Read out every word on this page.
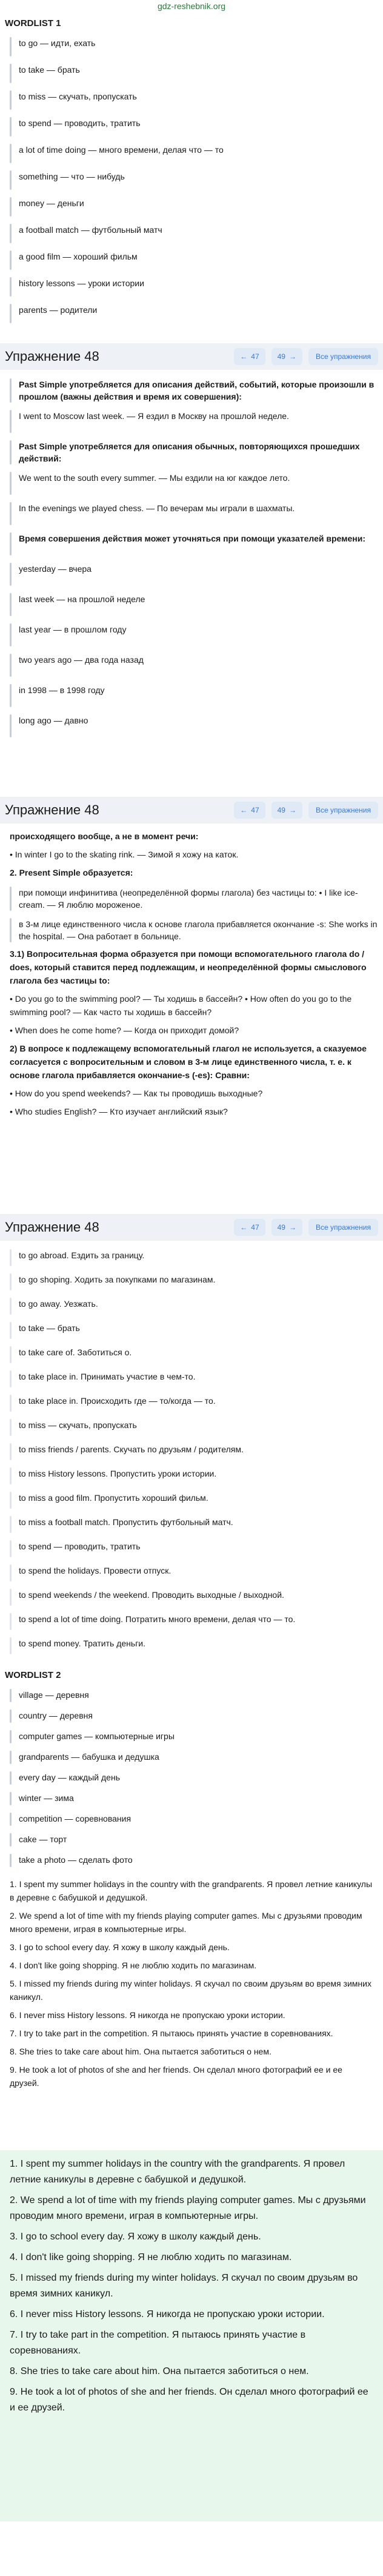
gdz-reshebnik.org
WORDLIST 1
to go — идти, ехать
to take — брать
to miss — скучать, пропускать
to spend — проводить, тратить
a lot of time doing — много времени, делая что — то
something — что — нибудь
money — деньги
a football match — футбольный матч
a good film — хороший фильм
history lessons — уроки истории
parents — родители
Упражнение 48	← 47	49 →	Все упражнения
Past Simple употребляется для описания действий, событий, которые произошли в прошлом (важны действия и время их совершения):
I went to Moscow last week. — Я ездил в Москву на прошлой неделе.
Past Simple употребляется для описания обычных, повторяющихся прошедших действий:
We went to the south every summer. — Мы ездили на юг каждое лето.
In the evenings we played chess. — По вечерам мы играли в шахматы.
Время совершения действия может уточняться при помощи указателей времени:
yesterday — вчера
last week — на прошлой неделе
last year — в прошлом году
two years ago — два года назад
in 1998 — в 1998 году
long ago — давно
Упражнение 48	← 47	49 →	Все упражнения
происходящего вообще, а не в момент речи:
• In winter I go to the skating rink. — Зимой я хожу на каток.
2. Present Simple образуется:
при помощи инфинитива (неопределённой формы глагола) без частицы to: • I like ice-cream. — Я люблю мороженое.
в 3-м лице единственного числа к основе глагола прибавляется окончание -s: She works in the hospital. — Она работает в больнице.
3.1) Вопросительная форма образуется при помощи вспомогательного глагола do / does, который ставится перед подлежащим, и неопределённой формы смыслового глагола без частицы to:
• Do you go to the swimming pool? — Ты ходишь в бассейн? • How often do you go to the swimming pool? — Как часто ты ходишь в бассейн?
• When does he come home? — Когда он приходит домой?
2) В вопросе к подлежащему вспомогательный глагол не используется, а сказуемое согласуется с вопросительным и словом в 3-м лице единственного числа, т. е. к основе глагола прибавляется окончание-s (-es): Сравни:
• How do you spend weekends? — Как ты проводишь выходные?
• Who studies English? — Кто изучает английский язык?
Упражнение 48	← 47	49 →	Все упражнения
to go abroad. Ездить за границу.
to go shoping. Ходить за покупками по магазинам.
to go away. Уезжать.
to take — брать
to take care of. Заботиться о.
to take place in. Принимать участие в чем-то.
to take place in. Происходить где — то/когда — то.
to miss — скучать, пропускать
to miss friends / parents. Скучать по друзьям / родителям.
to miss History lessons. Пропустить уроки истории.
to miss a good film. Пропустить хороший фильм.
to miss a football match. Пропустить футбольный матч.
to spend — проводить, тратить
to spend the holidays. Провести отпуск.
to spend weekends / the weekend. Проводить выходные / выходной.
to spend a lot of time doing. Потратить много времени, делая что — то.
to spend money. Тратить деньги.
WORDLIST 2
village — деревня
country — деревня
computer games — компьютерные игры
grandparents — бабушка и дедушка
every day — каждый день
winter — зима
competition — соревнования
cake — торт
take a photo — сделать фото
1. I spent my summer holidays in the country with the grandparents. Я провел летние каникулы в деревне с бабушкой и дедушкой.
2. We spend a lot of time with my friends playing computer games. Мы с друзьями проводим много времени, играя в компьютерные игры.
3. I go to school every day. Я хожу в школу каждый день.
4. I don't like going shopping. Я не люблю ходить по магазинам.
5. I missed my friends during my winter holidays. Я скучал по своим друзьям во время зимних каникул.
6. I never miss History lessons. Я никогда не пропускаю уроки истории.
7. I try to take part in the competition. Я пытаюсь принять участие в соревнованиях.
8. She tries to take care about him. Она пытается заботиться о нем.
9. He took a lot of photos of she and her friends. Он сделал много фотографий ее и ее друзей.
1. I spent my summer holidays in the country with the grandparents. Я провел летние каникулы в деревне с бабушкой и дедушкой.
2. We spend a lot of time with my friends playing computer games. Мы с друзьями проводим много времени, играя в компьютерные игры.
3. I go to school every day. Я хожу в школу каждый день.
4. I don't like going shopping. Я не люблю ходить по магазинам.
5. I missed my friends during my winter holidays. Я скучал по своим друзьям во время зимних каникул.
6. I never miss History lessons. Я никогда не пропускаю уроки истории.
7. I try to take part in the competition. Я пытаюсь принять участие в соревнованиях.
8. She tries to take care about him. Она пытается заботиться о нем.
9. He took a lot of photos of she and her friends. Он сделал много фотографий ее и ее друзей.
